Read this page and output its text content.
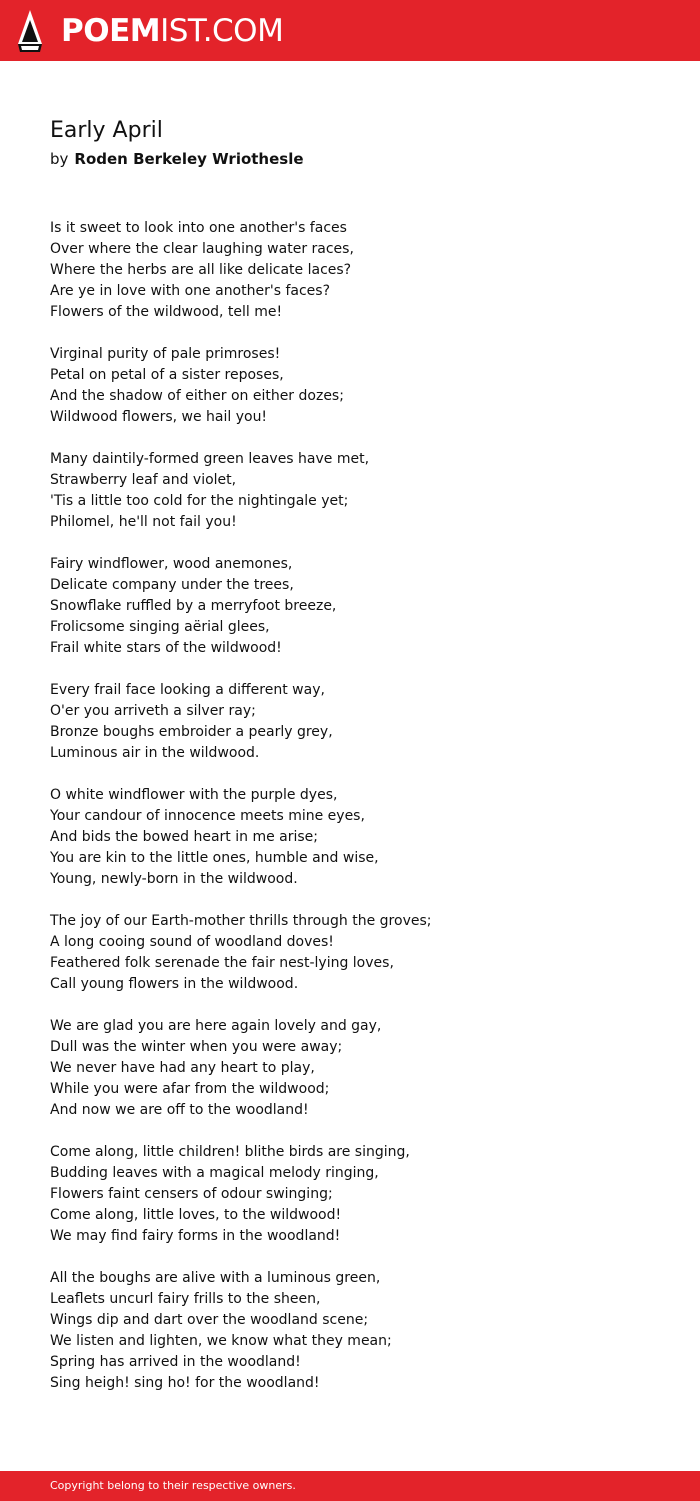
POEMIST.COM
Early April
by Roden Berkeley Wriothesle
Is it sweet to look into one another's faces
Over where the clear laughing water races,
Where the herbs are all like delicate laces?
Are ye in love with one another's faces?
Flowers of the wildwood, tell me!
Virginal purity of pale primroses!
Petal on petal of a sister reposes,
And the shadow of either on either dozes;
Wildwood flowers, we hail you!
Many daintily-formed green leaves have met,
Strawberry leaf and violet,
'Tis a little too cold for the nightingale yet;
Philomel, he'll not fail you!
Fairy windflower, wood anemones,
Delicate company under the trees,
Snowflake ruffled by a merryfoot breeze,
Frolicsome singing aërial glees,
Frail white stars of the wildwood!
Every frail face looking a different way,
O'er you arriveth a silver ray;
Bronze boughs embroider a pearly grey,
Luminous air in the wildwood.
O white windflower with the purple dyes,
Your candour of innocence meets mine eyes,
And bids the bowed heart in me arise;
You are kin to the little ones, humble and wise,
Young, newly-born in the wildwood.
The joy of our Earth-mother thrills through the groves;
A long cooing sound of woodland doves!
Feathered folk serenade the fair nest-lying loves,
Call young flowers in the wildwood.
We are glad you are here again lovely and gay,
Dull was the winter when you were away;
We never have had any heart to play,
While you were afar from the wildwood;
And now we are off to the woodland!
Come along, little children! blithe birds are singing,
Budding leaves with a magical melody ringing,
Flowers faint censers of odour swinging;
Come along, little loves, to the wildwood!
We may find fairy forms in the woodland!
All the boughs are alive with a luminous green,
Leaflets uncurl fairy frills to the sheen,
Wings dip and dart over the woodland scene;
We listen and lighten, we know what they mean;
Spring has arrived in the woodland!
Sing heigh! sing ho! for the woodland!
Copyright belong to their respective owners.
